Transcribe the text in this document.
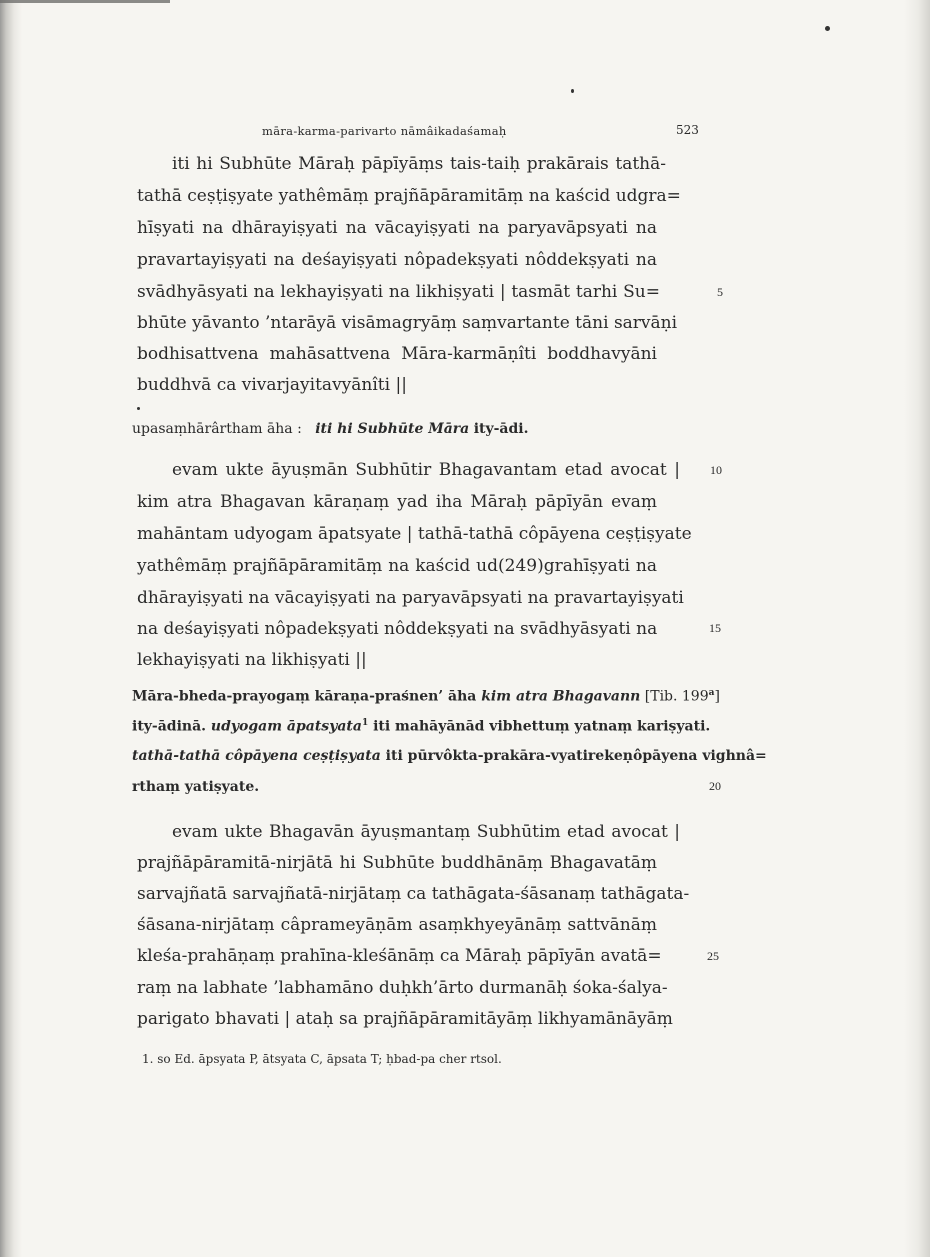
māra-karma-parivarto nāmâikadaśamaḥ	523
iti hi Subhūte Māraḥ pāpīyāṃs tais-taiḥ prakārais tathā-
tathā ceṣṭiṣyate yathêmāṃ prajñāpāramitāṃ na kaścid udgra=
hīṣyati na dhārayiṣyati na vācayiṣyati na paryavāpsyati na
pravartayiṣyati na deśayiṣyati nôpadekṣyati nôddekṣyati na
svādhyāsyati na lekhayiṣyati na likhiṣyati | tasmāt tarhi Su=
bhūte yāvanto ’ntarāyā visāmagryāṃ saṃvartante tāni sarvāṇi
bodhisattvena mahāsattvena Māra-karmāṇîti boddhavyāni
buddhvā ca vivarjayitavyānîti ||
upasaṃhārârtham āha : iti hi Subhūte Māra ity-ādi.
evam ukte āyuṣmān Subhūtir Bhagavantam etad avocat |
kim atra Bhagavan kāraṇaṃ yad iha Māraḥ pāpīyān evaṃ
mahāntam udyogam āpatsyate | tathā-tathā côpāyena ceṣṭiṣyate
yathêmāṃ prajñāpāramitāṃ na kaścid ud(249)grahīṣyati na
dhārayiṣyati na vācayiṣyati na paryavāpsyati na pravartayiṣyati
na deśayiṣyati nôpadekṣyati nôddekṣyati na svādhyāsyati na
lekhayiṣyati na likhiṣyati ||
Māra-bheda-prayogaṃ kāraṇa-praśnen’ āha kim atra Bhagavann [Tib. 199$^a$]
ity-ādinā. udyogam āpatsyata$^1$ iti mahāyānād vibhettuṃ yatnaṃ kariṣyati.
tathā-tathā côpāyena ceṣṭiṣyata iti pūrvôkta-prakāra-vyatirekeṇôpāyena vighnâ=
rthaṃ yatiṣyate.
evam ukte Bhagavān āyuṣmantaṃ Subhūtim etad avocat |
prajñāpāramitā-nirjātā hi Subhūte buddhānāṃ Bhagavatāṃ
sarvajñatā sarvajñatā-nirjātaṃ ca tathāgata-śāsanaṃ tathāgata-
śāsana-nirjātaṃ câprameyāṇām asaṃkhyeyānāṃ sattvānāṃ
kleśa-prahāṇaṃ prahīna-kleśānāṃ ca Māraḥ pāpīyān avatā=
raṃ na labhate ’labhamāno duḥkh’ārto durmanāḥ śoka-śalya-
parigato bhavati | ataḥ sa prajñāpāramitāyāṃ likhyamānāyāṃ
5
10
15
20
25
1. so Ed. āpsyata P, ātsyata C, āpsata T; ḥbad-pa cher rtsol.
